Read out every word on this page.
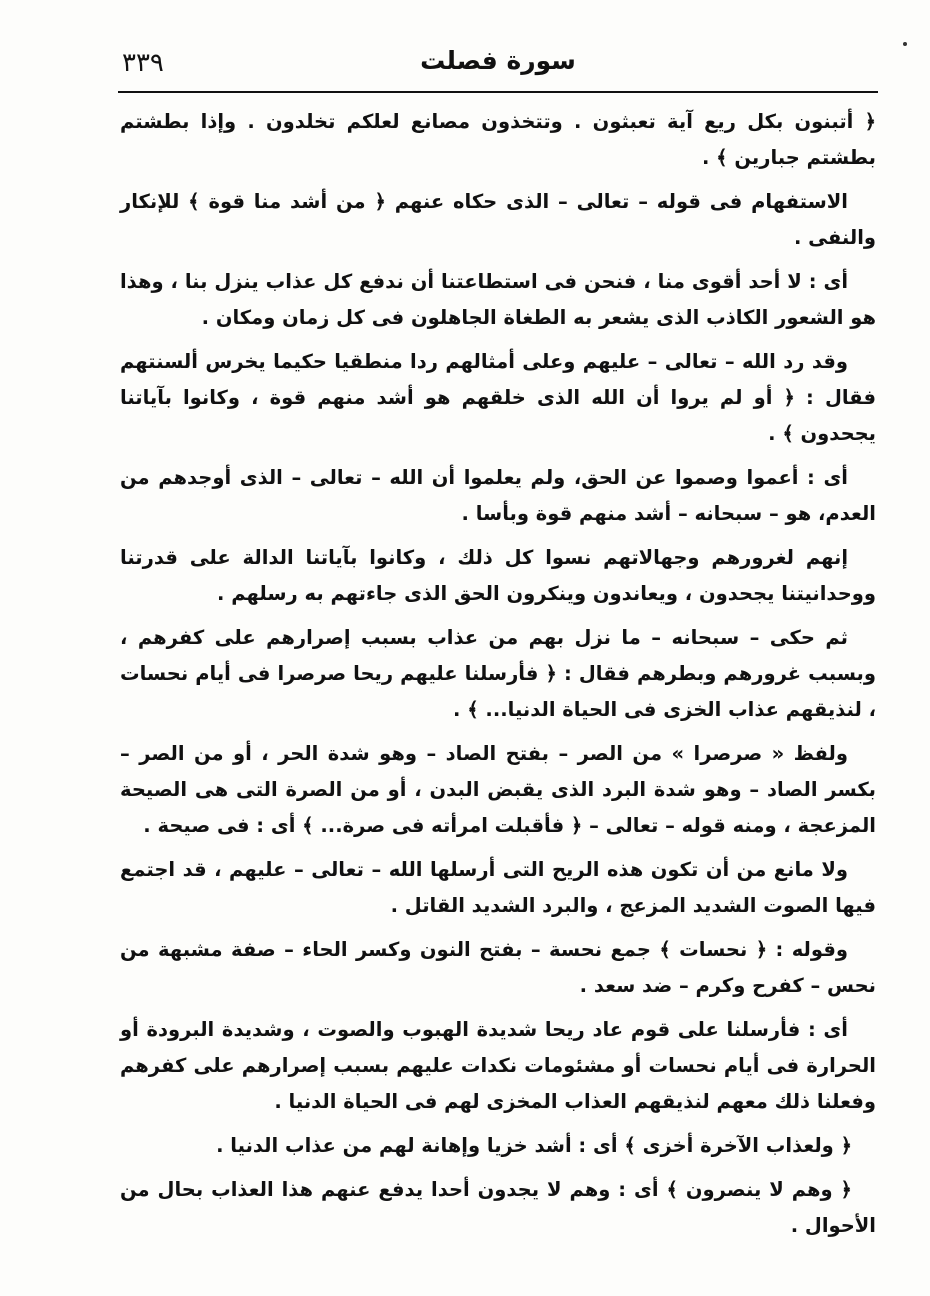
٣٣٩	سورة فصلت

﴿ أتبنون بكل ريع آية تعبثون . وتتخذون مصانع لعلكم تخلدون . وإذا بطشتم بطشتم جبارين ﴾ .

الاستفهام فى قوله – تعالى – الذى حكاه عنهم ﴿ من أشد منا قوة ﴾ للإنكار والنفى .

أى : لا أحد أقوى منا ، فنحن فى استطاعتنا أن ندفع كل عذاب ينزل بنا ، وهذا هو الشعور الكاذب الذى يشعر به الطغاة الجاهلون فى كل زمان ومكان .

وقد رد الله – تعالى – عليهم وعلى أمثالهم ردا منطقيا حكيما يخرس ألسنتهم فقال : ﴿ أو لم يروا أن الله الذى خلقهم هو أشد منهم قوة ، وكانوا بآياتنا يجحدون ﴾ .

أى : أعموا وصموا عن الحق، ولم يعلموا أن الله – تعالى – الذى أوجدهم من العدم، هو – سبحانه – أشد منهم قوة وبأسا .

إنهم لغرورهم وجهالاتهم نسوا كل ذلك ، وكانوا بآياتنا الدالة على قدرتنا ووحدانيتنا يجحدون ، ويعاندون وينكرون الحق الذى جاءتهم به رسلهم .

ثم حكى – سبحانه – ما نزل بهم من عذاب بسبب إصرارهم على كفرهم ، وبسبب غرورهم وبطرهم فقال : ﴿ فأرسلنا عليهم ريحا صرصرا فى أيام نحسات ، لنذيقهم عذاب الخزى فى الحياة الدنيا... ﴾ .

ولفظ « صرصرا » من الصر – بفتح الصاد – وهو شدة الحر ، أو من الصر – بكسر الصاد – وهو شدة البرد الذى يقبض البدن ، أو من الصرة التى هى الصيحة المزعجة ، ومنه قوله – تعالى – ﴿ فأقبلت امرأته فى صرة... ﴾ أى : فى صيحة .

ولا مانع من أن تكون هذه الريح التى أرسلها الله – تعالى – عليهم ، قد اجتمع فيها الصوت الشديد المزعج ، والبرد الشديد القاتل .

وقوله : ﴿ نحسات ﴾ جمع نحسة – بفتح النون وكسر الحاء – صفة مشبهة من نحس – كفرح وكرم – ضد سعد .

أى : فأرسلنا على قوم عاد ريحا شديدة الهبوب والصوت ، وشديدة البرودة أو الحرارة فى أيام نحسات أو مشئومات نكدات عليهم بسبب إصرارهم على كفرهم وفعلنا ذلك معهم لنذيقهم العذاب المخزى لهم فى الحياة الدنيا .

﴿ ولعذاب الآخرة أخزى ﴾ أى : أشد خزيا وإهانة لهم من عذاب الدنيا .

﴿ وهم لا ينصرون ﴾ أى : وهم لا يجدون أحدا يدفع عنهم هذا العذاب بحال من الأحوال .
